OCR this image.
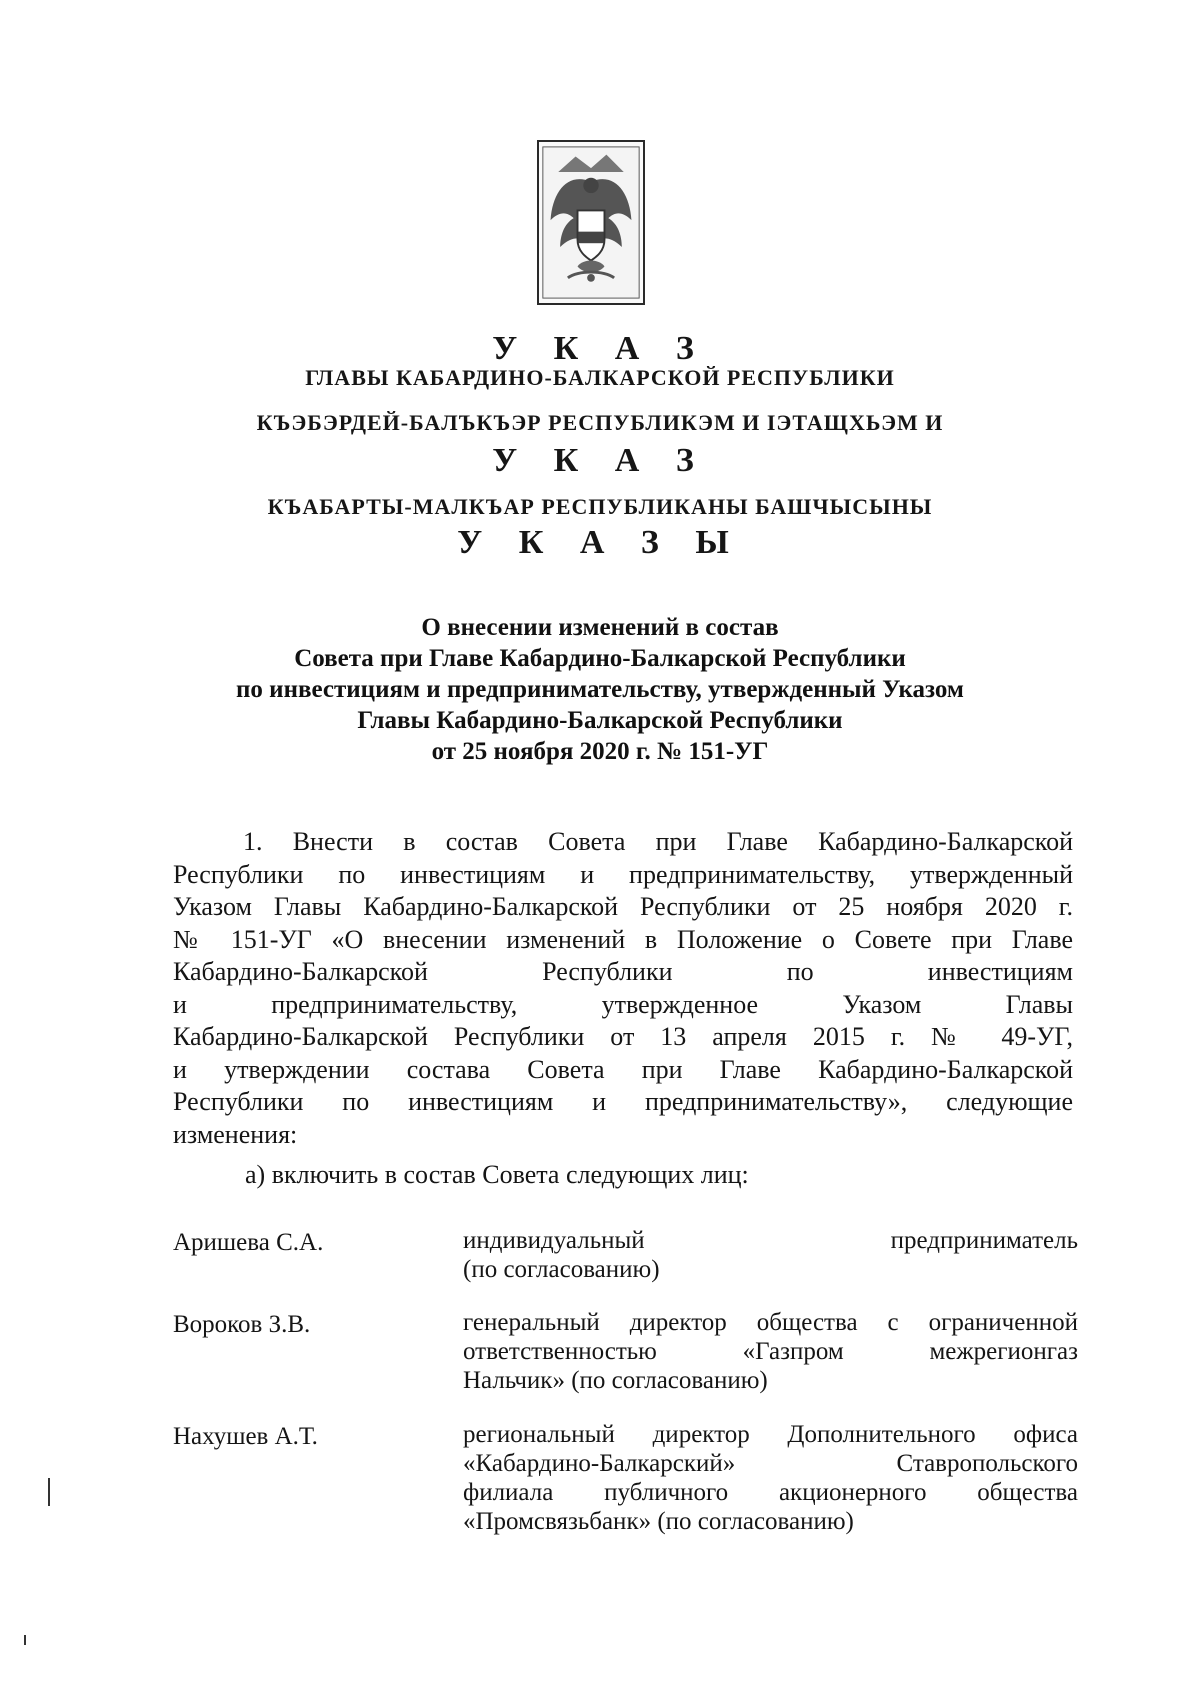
У К А З
ГЛАВЫ КАБАРДИНО-БАЛКАРСКОЙ РЕСПУБЛИКИ
КЪЭБЭРДЕЙ-БАЛЪКЪЭР РЕСПУБЛИКЭМ И ІЭТАЩХЬЭМ И
У К А З
КЪАБАРТЫ-МАЛКЪАР РЕСПУБЛИКАНЫ БАШЧЫСЫНЫ
У К А З Ы
О внесении изменений в состав
Совета при Главе Кабардино-Балкарской Республики
по инвестициям и предпринимательству, утвержденный Указом
Главы Кабардино-Балкарской Республики
от 25 ноября 2020 г. № 151-УГ
1. Внести в состав Совета при Главе Кабардино-Балкарской
Республики по инвестициям и предпринимательству, утвержденный
Указом Главы Кабардино-Балкарской Республики от 25 ноября 2020 г.
№ 151-УГ «О внесении изменений в Положение о Совете при Главе
Кабардино-Балкарской Республики по инвестициям
и предпринимательству, утвержденное Указом Главы
Кабардино-Балкарской Республики от 13 апреля 2015 г. № 49-УГ,
и утверждении состава Совета при Главе Кабардино-Балкарской
Республики по инвестициям и предпринимательству», следующие
изменения:
а) включить в состав Совета следующих лиц:
Аришева С.А.	индивидуальный предприниматель
(по согласованию)
Вороков З.В.	генеральный директор общества с ограниченной
ответственностью «Газпром межрегионгаз
Нальчик» (по согласованию)
Нахушев А.Т.	региональный директор Дополнительного офиса
«Кабардино-Балкарский» Ставропольского
филиала публичного акционерного общества
«Промсвязьбанк» (по согласованию)
